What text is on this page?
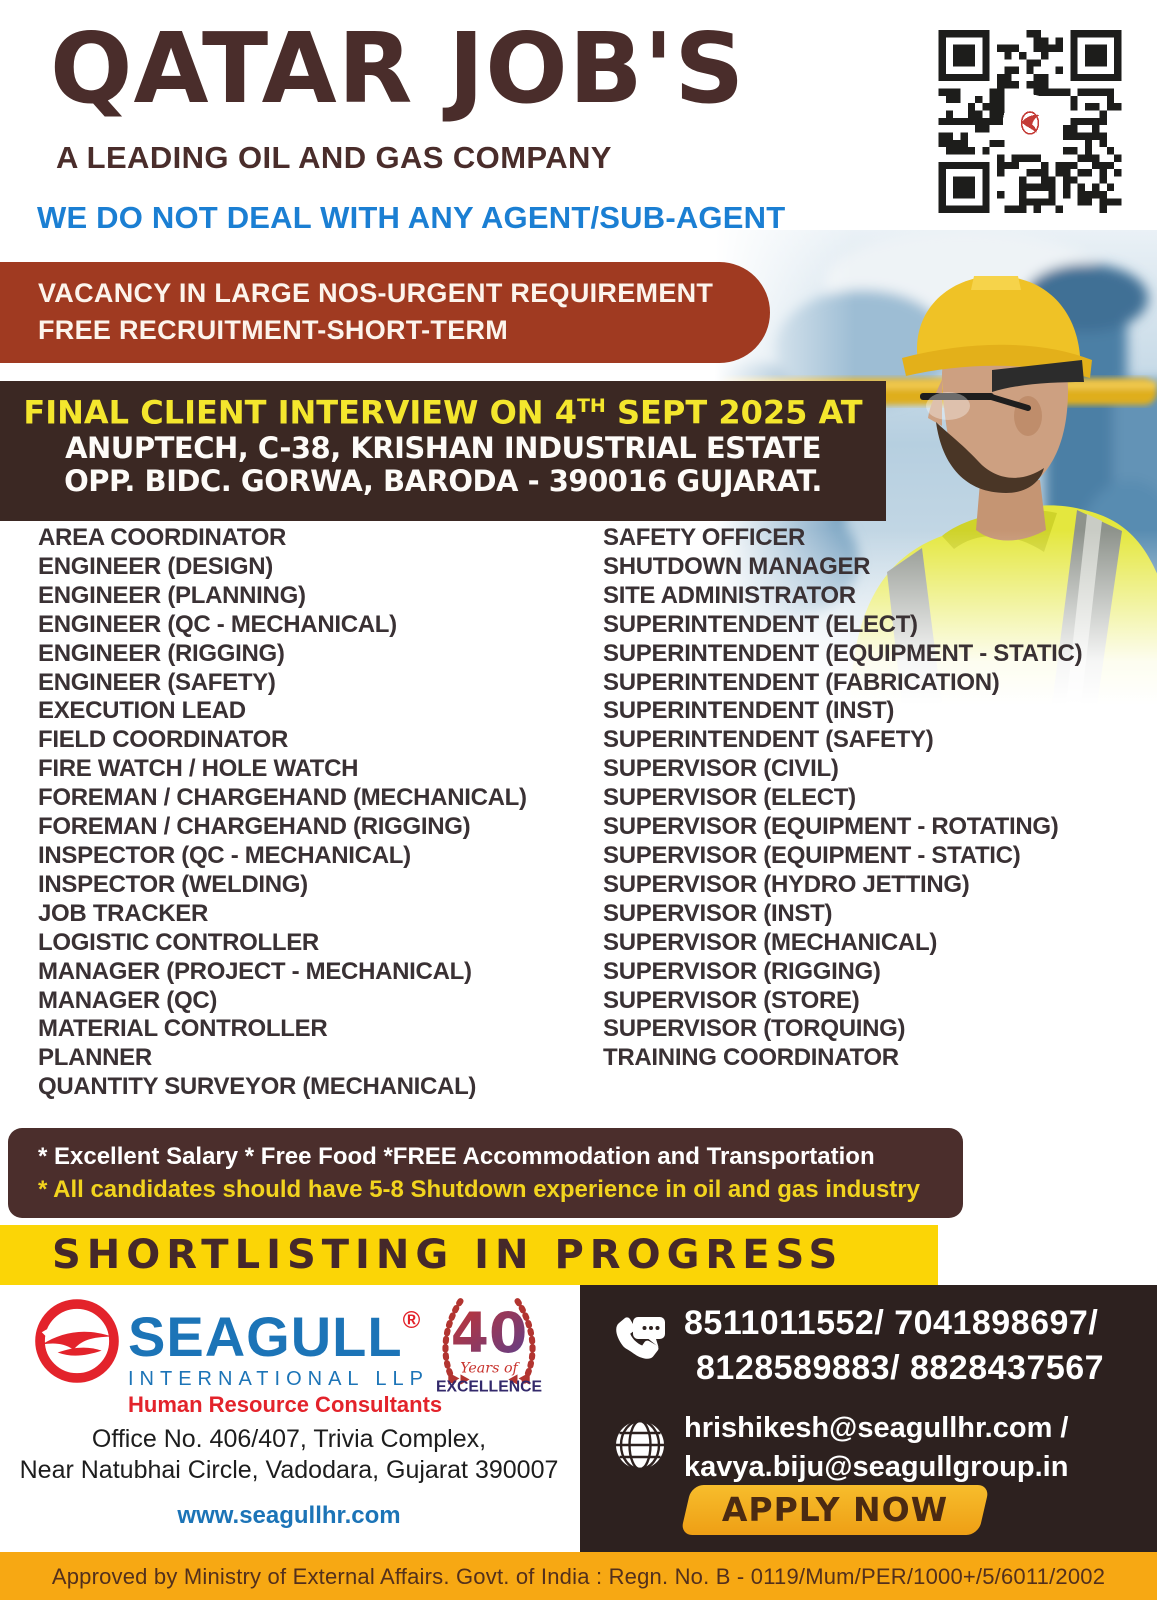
QATAR JOB'S
A LEADING OIL AND GAS COMPANY
WE DO NOT DEAL WITH ANY AGENT/SUB-AGENT
VACANCY IN LARGE NOS-URGENT REQUIREMENT
FREE RECRUITMENT-SHORT-TERM
FINAL CLIENT INTERVIEW ON 4TH SEPT 2025 AT
ANUPTECH, C-38, KRISHAN INDUSTRIAL ESTATE
OPP. BIDC. GORWA, BARODA - 390016 GUJARAT.
AREA COORDINATOR
ENGINEER (DESIGN)
ENGINEER (PLANNING)
ENGINEER (QC - MECHANICAL)
ENGINEER (RIGGING)
ENGINEER (SAFETY)
EXECUTION LEAD
FIELD COORDINATOR
FIRE WATCH / HOLE WATCH
FOREMAN / CHARGEHAND (MECHANICAL)
FOREMAN / CHARGEHAND (RIGGING)
INSPECTOR (QC - MECHANICAL)
INSPECTOR (WELDING)
JOB TRACKER
LOGISTIC CONTROLLER
MANAGER (PROJECT - MECHANICAL)
MANAGER (QC)
MATERIAL CONTROLLER
PLANNER
QUANTITY SURVEYOR (MECHANICAL)
SAFETY OFFICER
SHUTDOWN MANAGER
SITE ADMINISTRATOR
SUPERINTENDENT (ELECT)
SUPERINTENDENT (EQUIPMENT - STATIC)
SUPERINTENDENT (FABRICATION)
SUPERINTENDENT (INST)
SUPERINTENDENT (SAFETY)
SUPERVISOR (CIVIL)
SUPERVISOR (ELECT)
SUPERVISOR (EQUIPMENT - ROTATING)
SUPERVISOR (EQUIPMENT - STATIC)
SUPERVISOR (HYDRO JETTING)
SUPERVISOR (INST)
SUPERVISOR (MECHANICAL)
SUPERVISOR (RIGGING)
SUPERVISOR (STORE)
SUPERVISOR (TORQUING)
TRAINING COORDINATOR
* Excellent Salary * Free Food *FREE Accommodation and Transportation
* All candidates should have 5-8 Shutdown experience in oil and gas industry
SHORTLISTING IN PROGRESS
SEAGULL®
INTERNATIONAL LLP
Human Resource Consultants
40
Years of
EXCELLENCE
Office No. 406/407, Trivia Complex,
Near Natubhai Circle, Vadodara, Gujarat 390007
www.seagullhr.com
8511011552/ 7041898697/
8128589883/ 8828437567
hrishikesh@seagullhr.com /
kavya.biju@seagullgroup.in
APPLY NOW
Approved by Ministry of External Affairs. Govt. of India : Regn. No. B - 0119/Mum/PER/1000+/5/6011/2002
